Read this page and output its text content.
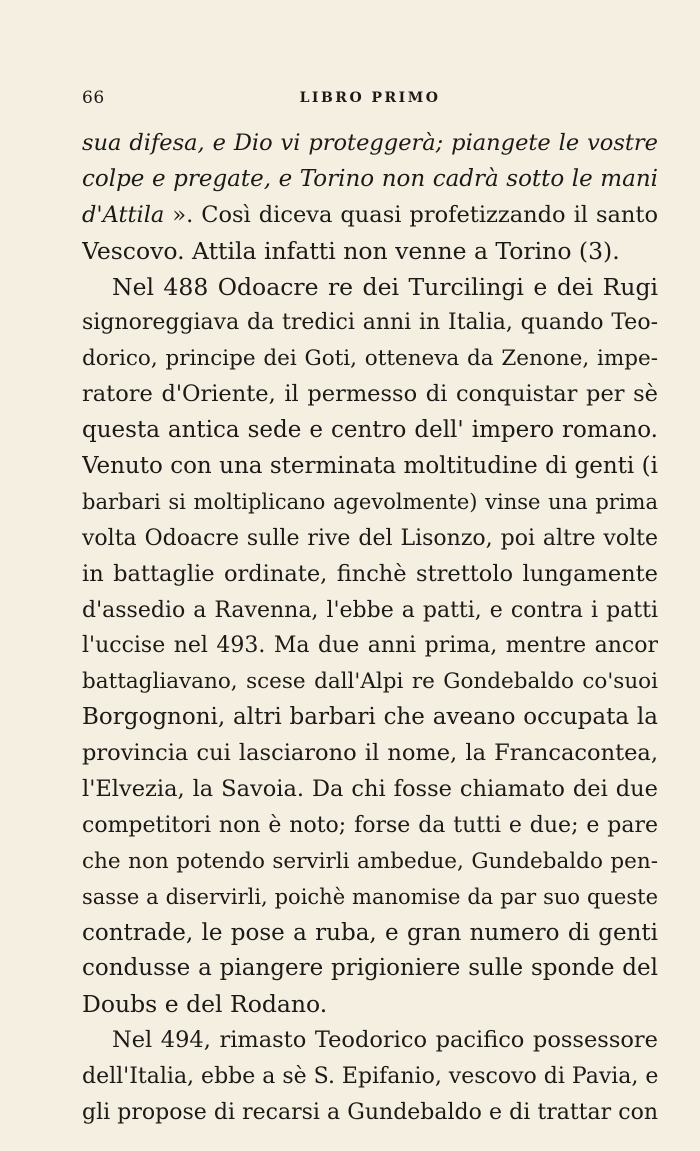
66	LIBRO PRIMO
sua difesa, e Dio vi proteggerà; piangete le vostre
colpe e pregate, e Torino non cadrà sotto le mani
d'Attila ». Così diceva quasi profetizzando il santo
Vescovo. Attila infatti non venne a Torino (3).
Nel 488 Odoacre re dei Turcilingi e dei Rugi
signoreggiava da tredici anni in Italia, quando Teo-
dorico, principe dei Goti, otteneva da Zenone, impe-
ratore d'Oriente, il permesso di conquistar per sè
questa antica sede e centro dell' impero romano.
Venuto con una sterminata moltitudine di genti (i
barbari si moltiplicano agevolmente) vinse una prima
volta Odoacre sulle rive del Lisonzo, poi altre volte
in battaglie ordinate, finchè strettolo lungamente
d'assedio a Ravenna, l'ebbe a patti, e contra i patti
l'uccise nel 493. Ma due anni prima, mentre ancor
battagliavano, scese dall'Alpi re Gondebaldo co'suoi
Borgognoni, altri barbari che aveano occupata la
provincia cui lasciarono il nome, la Francacontea,
l'Elvezia, la Savoia. Da chi fosse chiamato dei due
competitori non è noto; forse da tutti e due; e pare
che non potendo servirli ambedue, Gundebaldo pen-
sasse a diservirli, poichè manomise da par suo queste
contrade, le pose a ruba, e gran numero di genti
condusse a piangere prigioniere sulle sponde del
Doubs e del Rodano.
Nel 494, rimasto Teodorico pacifico possessore
dell'Italia, ebbe a sè S. Epifanio, vescovo di Pavia, e
gli propose di recarsi a Gundebaldo e di trattar con
